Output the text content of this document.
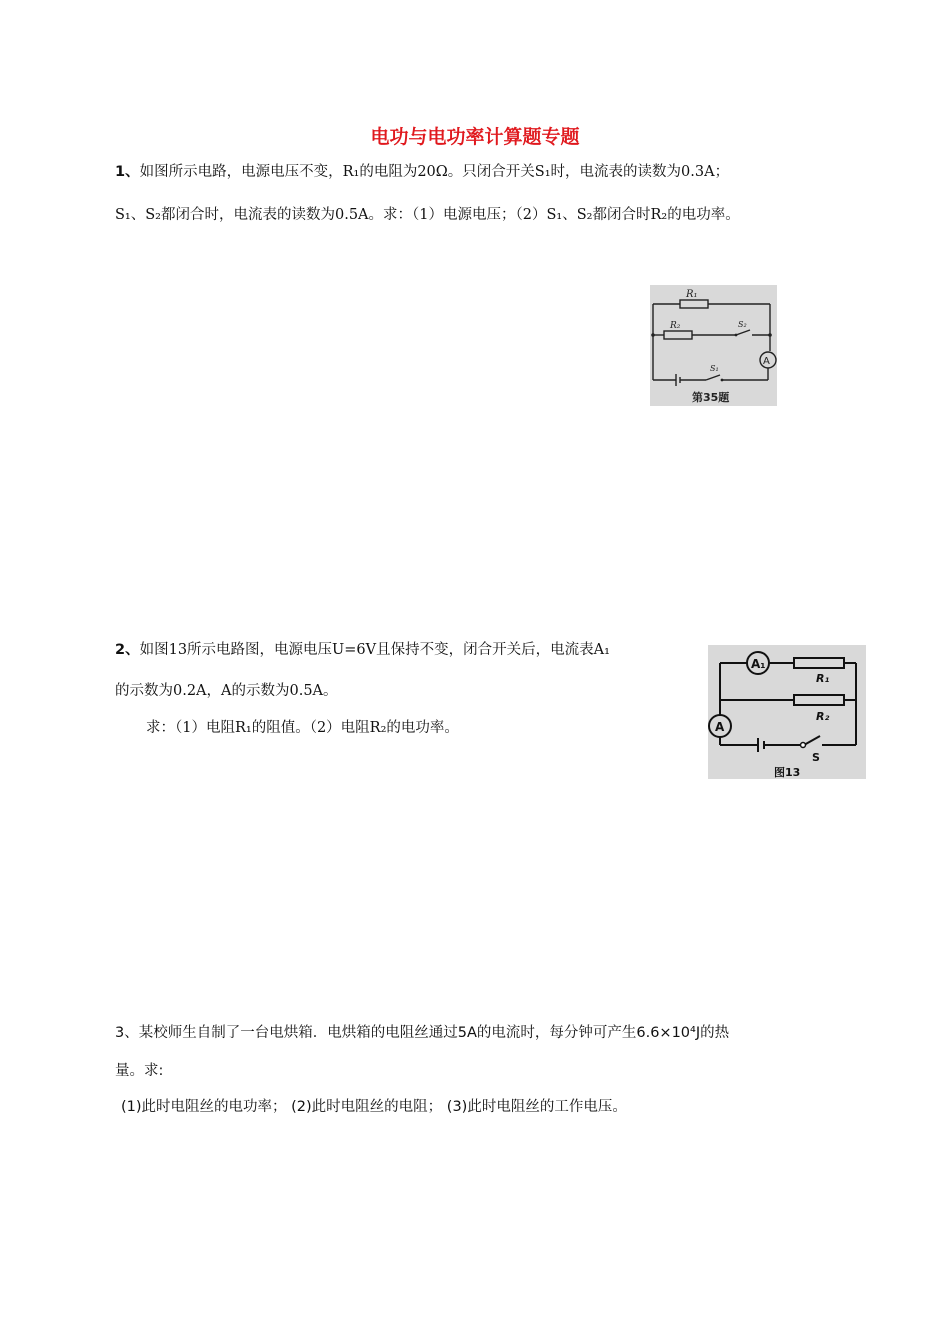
电功与电功率计算题专题
1、如图所示电路，电源电压不变，R₁的电阻为20Ω。只闭合开关S₁时，电流表的读数为0.3A；
S₁、S₂都闭合时，电流表的读数为0.5A。求：（1）电源电压；（2）S₁、S₂都闭合时R₂的电功率。
R₁
R₂	S₂
S₁
A
第35题
2、如图13所示电路图，电源电压U=6V且保持不变，闭合开关后，电流表A₁
的示数为0.2A，A的示数为0.5A。
求：（1）电阻R₁的阻值。（2）电阻R₂的电功率。
A₁
R₁
R₂
A
S
图13
3、某校师生自制了一台电烘箱．电烘箱的电阻丝通过5A的电流时，每分钟可产生6.6×10⁴J的热
量。求:
(1)此时电阻丝的电功率； (2)此时电阻丝的电阻； (3)此时电阻丝的工作电压。
